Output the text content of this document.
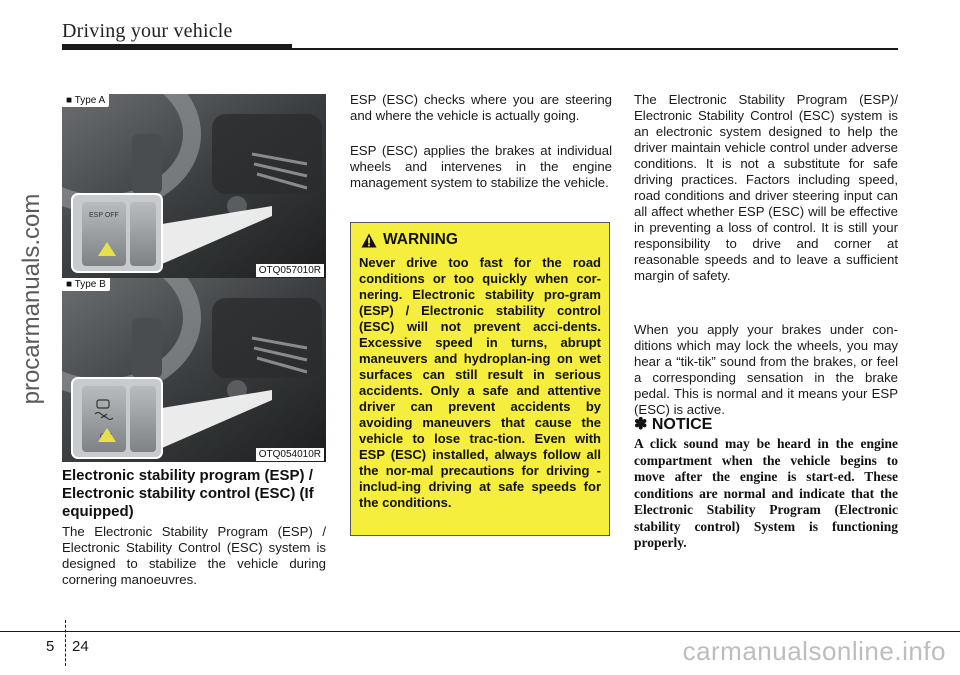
Driving your vehicle
procarmanuals.com	ESP OFF
■ Type A
OTQ057010R
OFF
■ Type B
OTQ054010R
Electronic stability program (ESP) / Electronic stability control (ESC) (If equipped)
The Electronic Stability Program (ESP) / Electronic Stability Control (ESC) system is designed to stabilize the vehicle during cornering manoeuvres.
ESP (ESC) checks where you are steering and where the vehicle is actually going.
ESP (ESC) applies the brakes at individual wheels and intervenes in the engine management system to stabilize the vehicle.
WARNING
Never drive too fast for the road conditions or too quickly when cor-nering. Electronic stability pro-gram (ESP) / Electronic stability control (ESC) will not prevent acci-dents. Excessive speed in turns, abrupt maneuvers and hydroplan-ing on wet surfaces can still result in serious accidents. Only a safe and attentive driver can prevent accidents by avoiding maneuvers that cause the vehicle to lose trac-tion. Even with ESP (ESC) installed, always follow all the nor-mal precautions for driving - includ-ing driving at safe speeds for the conditions.
The Electronic Stability Program (ESP)/ Electronic Stability Control (ESC) system is an electronic system designed to help the driver maintain vehicle control under adverse conditions. It is not a substitute for safe driving practices. Factors including speed, road conditions and driver steering input can all affect whether ESP (ESC) will be effective in preventing a loss of control. It is still your responsibility to drive and corner at reasonable speeds and to leave a sufficient margin of safety.
When you apply your brakes under con-ditions which may lock the wheels, you may hear a “tik-tik” sound from the brakes, or feel a corresponding sensation in the brake pedal. This is normal and it means your ESP (ESC) is active.
✽ NOTICE
A click sound may be heard in the engine compartment when the vehicle begins to move after the engine is start-ed. These conditions are normal and indicate that the Electronic Stability Program (Electronic stability control) System is functioning properly.
5 24	carmanualsonline.info
